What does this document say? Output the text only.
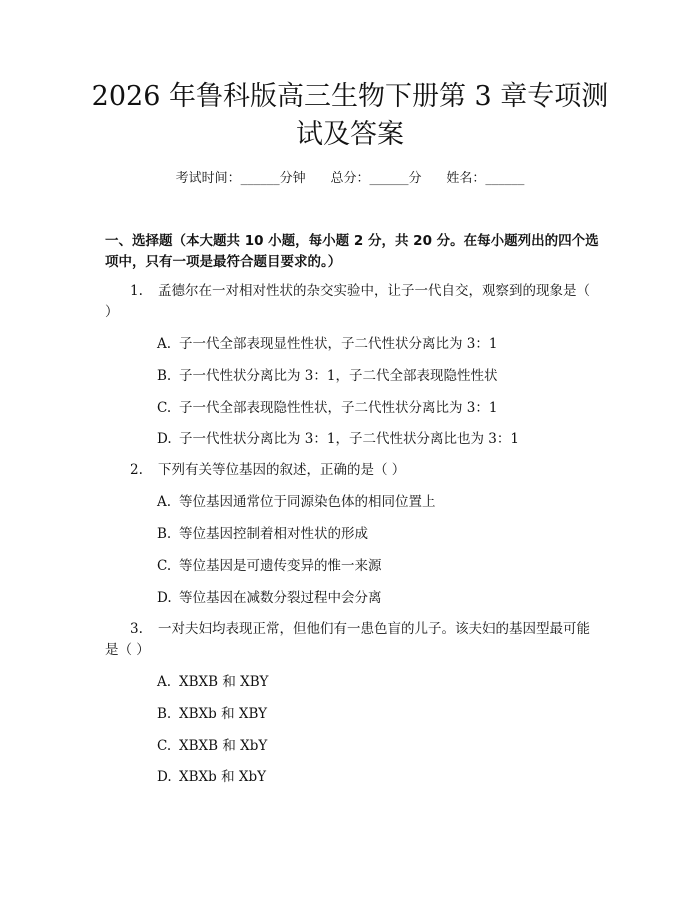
2026 年鲁科版高三生物下册第 3 章专项测试及答案
考试时间：______分钟 总分：______分 姓名：______
一、选择题（本大题共 10 小题，每小题 2 分，共 20 分。在每小题列出的四个选项中，只有一项是最符合题目要求的。）
1. 孟德尔在一对相对性状的杂交实验中，让子一代自交，观察到的现象是（ ）
A. 子一代全部表现显性性状，子二代性状分离比为 3：1
B. 子一代性状分离比为 3：1，子二代全部表现隐性性状
C. 子一代全部表现隐性性状，子二代性状分离比为 3：1
D. 子一代性状分离比为 3：1，子二代性状分离比也为 3：1
2. 下列有关等位基因的叙述，正确的是（ ）
A. 等位基因通常位于同源染色体的相同位置上
B. 等位基因控制着相对性状的形成
C. 等位基因是可遗传变异的惟一来源
D. 等位基因在减数分裂过程中会分离
3. 一对夫妇均表现正常，但他们有一患色盲的儿子。该夫妇的基因型最可能是（ ）
A. XBXB 和 XBY
B. XBXb 和 XBY
C. XBXB 和 XbY
D. XBXb 和 XbY
